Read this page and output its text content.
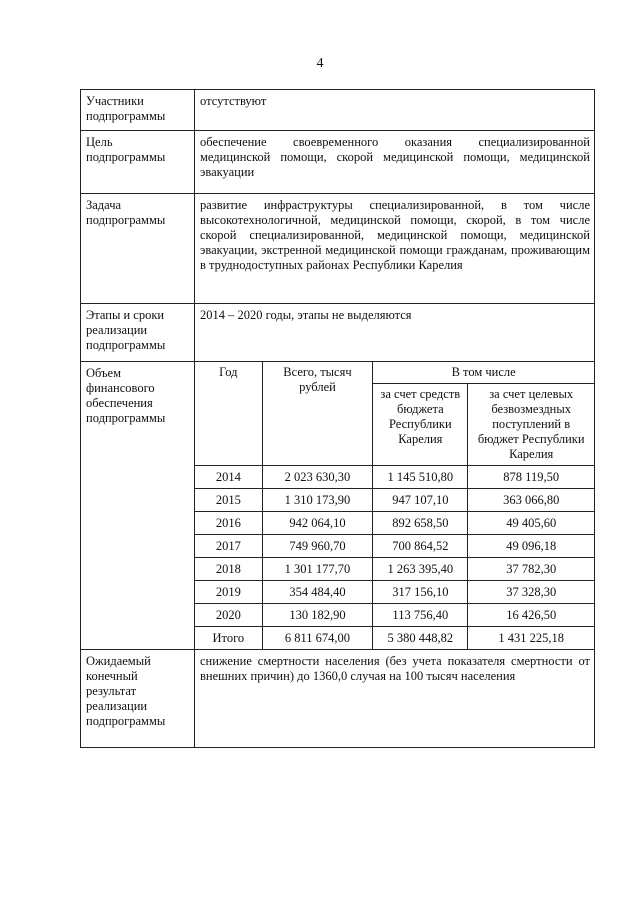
4
Участники подпрограммы	отсутствуют
Цель подпрограммы	обеспечение своевременного оказания специализированной медицинской помощи, скорой медицинской помощи, медицинской эвакуации
Задача подпрограммы	развитие инфраструктуры специализированной, в том числе высокотехнологичной, медицинской помощи, скорой, в том числе скорой специализированной, медицинской помощи, медицинской эвакуации, экстренной медицинской помощи гражданам, проживающим в труднодоступных районах Республики Карелия
Этапы и сроки реализации подпрограммы	2014 – 2020 годы, этапы не выделяются
Объем финансового обеспечения подпрограммы	
Год	Всего, тысяч рублей	В том числе
за счет средств бюджета Республики Карелия	за счет целевых безвозмездных поступлений в бюджет Республики Карелия
2014	2 023 630,30	1 145 510,80	878 119,50
2015	1 310 173,90	947 107,10	363 066,80
2016	942 064,10	892 658,50	49 405,60
2017	749 960,70	700 864,52	49 096,18
2018	1 301 177,70	1 263 395,40	37 782,30
2019	354 484,40	317 156,10	37 328,30
2020	130 182,90	113 756,40	16 426,50
Итого	6 811 674,00	5 380 448,82	1 431 225,18

Ожидаемый конечный результат реализации подпрограммы	снижение смертности населения (без учета показателя смертности от внешних причин) до 1360,0 случая на 100 тысяч населения
